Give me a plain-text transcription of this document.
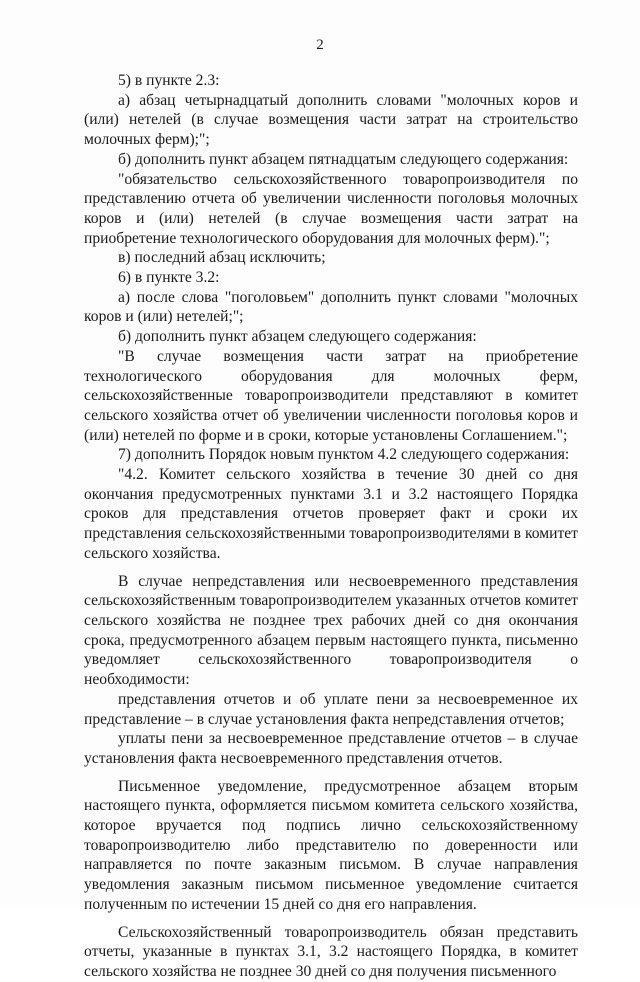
2

5) в пункте 2.3:

а) абзац четырнадцатый дополнить словами "молочных коров и (или) нетелей (в случае возмещения части затрат на строительство молочных ферм);";

б) дополнить пункт абзацем пятнадцатым следующего содержания:

"обязательство сельскохозяйственного товаропроизводителя по представлению отчета об увеличении численности поголовья молочных коров и (или) нетелей (в случае возмещения части затрат на приобретение технологического оборудования для молочных ферм).";

в) последний абзац исключить;

6) в пункте 3.2:

а) после слова "поголовьем" дополнить пункт словами "молочных коров и (или) нетелей;";

б) дополнить пункт абзацем следующего содержания:

"В случае возмещения части затрат на приобретение технологического оборудования для молочных ферм, сельскохозяйственные товаропроизводители представляют в комитет сельского хозяйства отчет об увеличении численности поголовья коров и (или) нетелей по форме и в сроки, которые установлены Соглашением.";

7) дополнить Порядок новым пунктом 4.2 следующего содержания:

"4.2. Комитет сельского хозяйства в течение 30 дней со дня окончания предусмотренных пунктами 3.1 и 3.2 настоящего Порядка сроков для представления отчетов проверяет факт и сроки их представления сельскохозяйственными товаропроизводителями в комитет сельского хозяйства.

В случае непредставления или несвоевременного представления сельскохозяйственным товаропроизводителем указанных отчетов комитет сельского хозяйства не позднее трех рабочих дней со дня окончания срока, предусмотренного абзацем первым настоящего пункта, письменно уведомляет сельскохозяйственного товаропроизводителя о необходимости:

представления отчетов и об уплате пени за несвоевременное их представление – в случае установления факта непредставления отчетов;

уплаты пени за несвоевременное представление отчетов – в случае установления факта несвоевременного представления отчетов.

Письменное уведомление, предусмотренное абзацем вторым настоящего пункта, оформляется письмом комитета сельского хозяйства, которое вручается под подпись лично сельскохозяйственному товаропроизводителю либо представителю по доверенности или направляется по почте заказным письмом. В случае направления уведомления заказным письмом письменное уведомление считается полученным по истечении 15 дней со дня его направления.

Сельскохозяйственный товаропроизводитель обязан представить отчеты, указанные в пунктах 3.1, 3.2 настоящего Порядка, в комитет сельского хозяйства не позднее 30 дней со дня получения письменного
